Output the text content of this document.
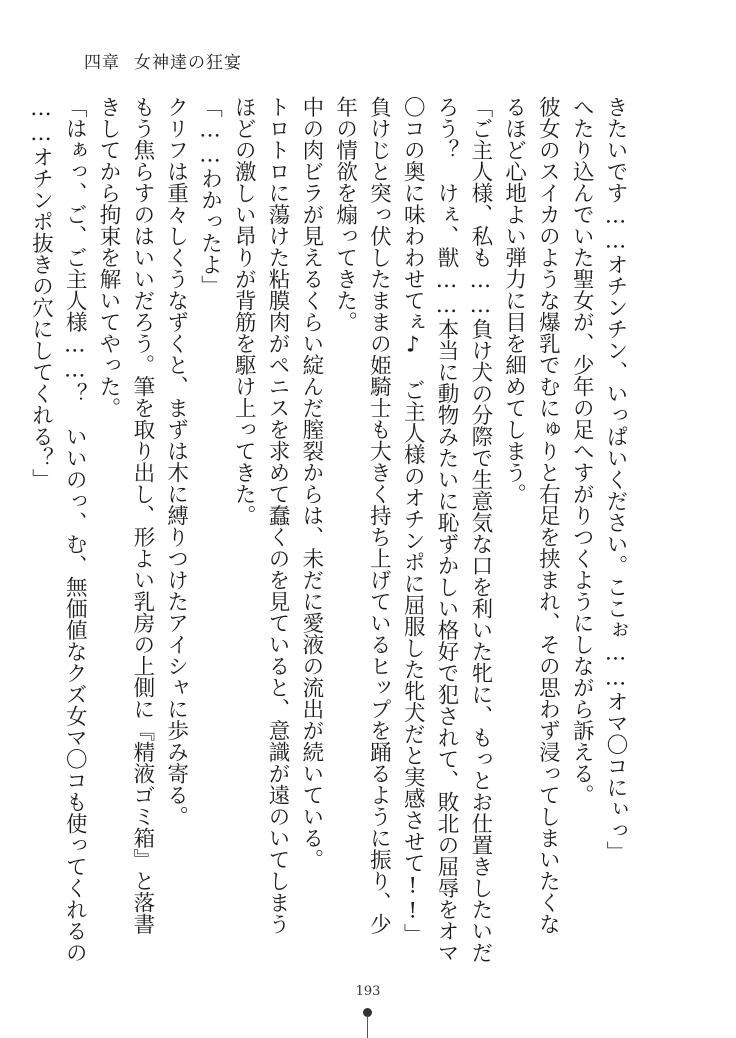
四章 女神達の狂宴

きたいです……オチンチン、いっぱいください。ここぉ……オマ〇コにぃっ」

へたり込んでいた聖女が、少年の足へすがりつくようにしながら訴える。

彼女のスイカのような爆乳でむにゅりと右足を挟まれ、その思わず浸ってしまいたくな

るほど心地よい弾力に目を細めてしまう。

「ご主人様、私も……負け犬の分際で生意気な口を利いた牝に、もっとお仕置きしたいだ

ろう？　けぇ、獣……本当に動物みたいに恥ずかしい格好で犯されて、敗北の屈辱をオマ

〇コの奥に味わわせてぇ♪　ご主人様のオチンポに屈服した牝犬だと実感させて!!」

負けじと突っ伏したままの姫騎士も大きく持ち上げているヒップを踊るように振り、少

年の情欲を煽ってきた。

中の肉ビラが見えるくらい綻んだ膣裂からは、未だに愛液の流出が続いている。

トロトロに蕩けた粘膜肉がペニスを求めて蠢くのを見ていると、意識が遠のいてしまう

ほどの激しい昂りが背筋を駆け上ってきた。

「……わかったよ」

クリフは重々しくうなずくと、まずは木に縛りつけたアイシャに歩み寄る。

もう焦らすのはいいだろう。筆を取り出し、形よい乳房の上側に『精液ゴミ箱』と落書

きしてから拘束を解いてやった。

「はぁっ、ご、ご主人様……？　いいのっ、む、無価値なクズ女マ〇コも使ってくれるの

……オチンポ抜きの穴にしてくれる？」

193
